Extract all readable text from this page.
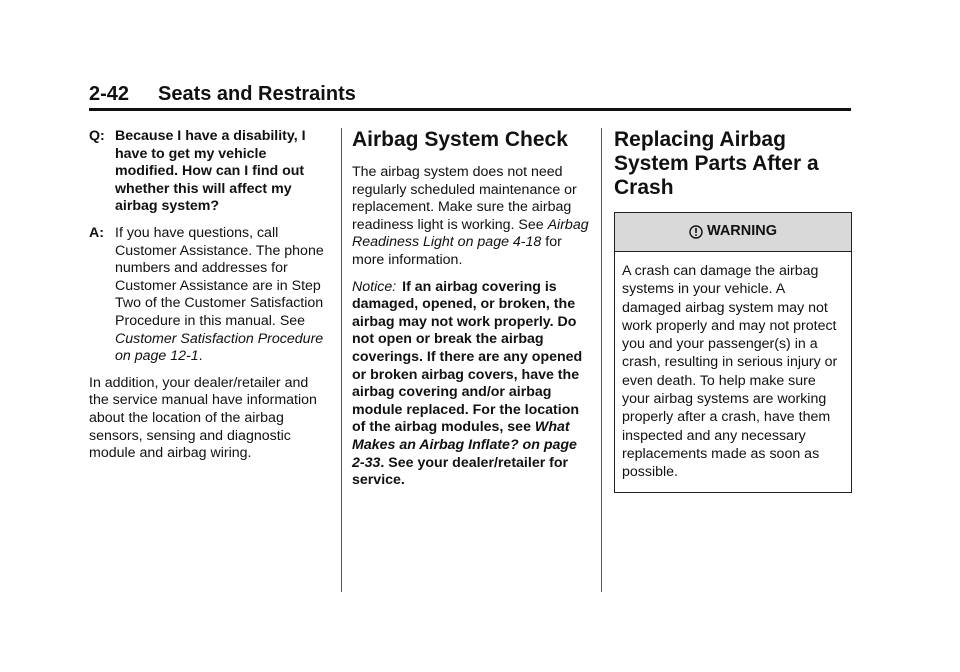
2-42 Seats and Restraints
Q: Because I have a disability, I have to get my vehicle modified. How can I find out whether this will affect my airbag system?
A: If you have questions, call Customer Assistance. The phone numbers and addresses for Customer Assistance are in Step Two of the Customer Satisfaction Procedure in this manual. See Customer Satisfaction Procedure on page 12-1.

In addition, your dealer/retailer and the service manual have information about the location of the airbag sensors, sensing and diagnostic module and airbag wiring.

Airbag System Check

The airbag system does not need regularly scheduled maintenance or replacement. Make sure the airbag readiness light is working. See Airbag Readiness Light on page 4-18 for more information.

Notice: If an airbag covering is damaged, opened, or broken, the airbag may not work properly. Do not open or break the airbag coverings. If there are any opened or broken airbag covers, have the airbag covering and/or airbag module replaced. For the location of the airbag modules, see What Makes an Airbag Inflate? on page 2-33. See your dealer/retailer for service.

Replacing Airbag System Parts After a Crash
WARNING
A crash can damage the airbag systems in your vehicle. A damaged airbag system may not work properly and may not protect you and your passenger(s) in a crash, resulting in serious injury or even death. To help make sure your airbag systems are working properly after a crash, have them inspected and any necessary replacements made as soon as possible.
